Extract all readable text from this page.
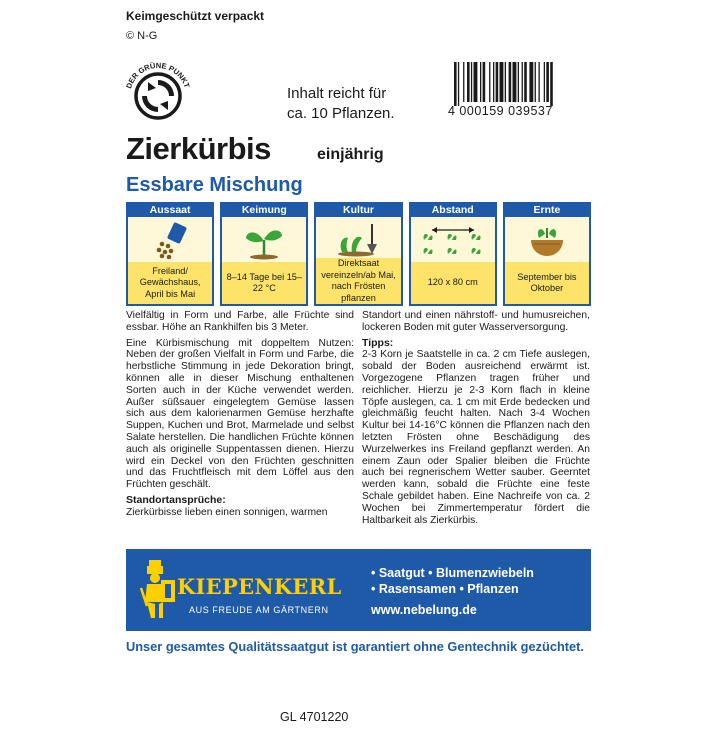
Keimgeschützt verpackt
© N-G
DER GRÜNE PUNKT	Inhalt reicht für
ca. 10 Pflanzen.	4 000159 039537
Zierkürbis	einjährig
Essbare Mischung
Aussaat
Freiland/ Gewächshaus, April bis Mai
Keimung
8–14 Tage bei 15–22 °C
Kultur
Direktsaat vereinzeln/ab Mai, nach Frösten pflanzen
Abstand
120 x 80 cm
Ernte
September bis Oktober

Vielfältig in Form und Farbe, alle Früchte sind essbar. Höhe an Rankhilfen bis 3 Meter.

Eine Kürbismischung mit doppeltem Nutzen: Neben der großen Vielfalt in Form und Farbe, die herbstliche Stimmung in jede Dekoration bringt, können alle in dieser Mischung enthaltenen Sorten auch in der Küche verwendet werden. Außer süßsauer eingelegtem Gemüse lassen sich aus dem kalorienarmen Gemüse herzhafte Suppen, Kuchen und Brot, Marmelade und selbst Salate herstellen. Die handlichen Früchte können auch als originelle Suppentassen dienen. Hierzu wird ein Deckel von den Früchten geschnitten und das Fruchtfleisch mit dem Löffel aus den Früchten geschält.

Standortansprüche:
Zierkürbisse lieben einen sonnigen, warmen

Standort und einen nährstoff- und humusreichen, lockeren Boden mit guter Wasserversorgung.

Tipps:
2-3 Korn je Saatstelle in ca. 2 cm Tiefe auslegen, sobald der Boden ausreichend erwärmt ist. Vorgezogene Pflanzen tragen früher und reichlicher. Hierzu je 2-3 Korn flach in kleine Töpfe auslegen, ca. 1 cm mit Erde bedecken und gleichmäßig feucht halten. Nach 3-4 Wochen Kultur bei 14-16°C können die Pflanzen nach den letzten Frösten ohne Beschädigung des Wurzelwerkes ins Freiland gepflanzt werden. An einem Zaun oder Spalier bleiben die Früchte auch bei regnerischem Wetter sauber. Geerntet werden kann, sobald die Früchte eine feste Schale gebildet haben. Eine Nachreife von ca. 2 Wochen bei Zimmertemperatur fördert die Haltbarkeit als Zierkürbis.
KIEPENKERL
AUS FREUDE AM GÄRTNERN
• Saatgut • Blumenzwiebeln
• Rasensamen • Pflanzen
www.nebelung.de
Unser gesamtes Qualitätssaatgut ist garantiert ohne Gentechnik gezüchtet.
GL 4701220
